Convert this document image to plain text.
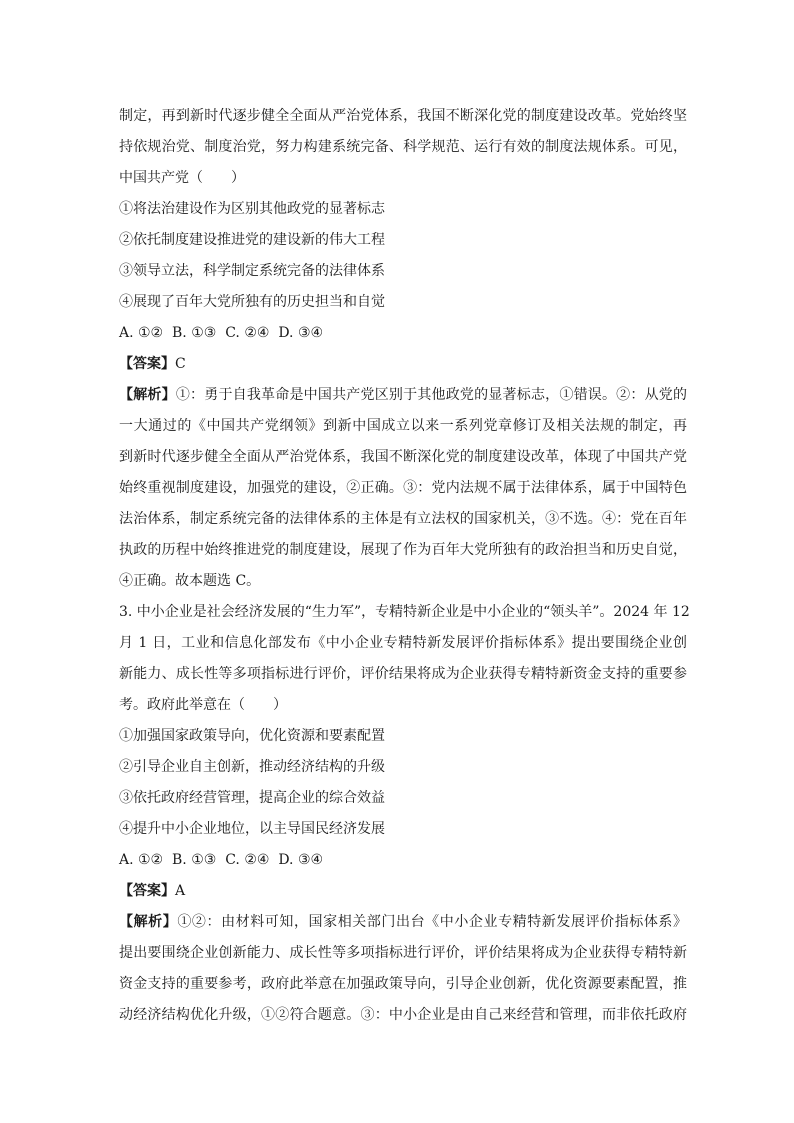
制定，再到新时代逐步健全全面从严治党体系，我国不断深化党的制度建设改革。党始终坚
持依规治党、制度治党，努力构建系统完备、科学规范、运行有效的制度法规体系。可见，
中国共产党（　　）
①将法治建设作为区别其他政党的显著标志
②依托制度建设推进党的建设新的伟大工程
③领导立法，科学制定系统完备的法律体系
④展现了百年大党所独有的历史担当和自觉
A. ①②  B. ①③  C. ②④  D. ③④
【答案】C
【解析】①：勇于自我革命是中国共产党区别于其他政党的显著标志，①错误。②：从党的
一大通过的《中国共产党纲领》到新中国成立以来一系列党章修订及相关法规的制定，再
到新时代逐步健全全面从严治党体系，我国不断深化党的制度建设改革，体现了中国共产党
始终重视制度建设，加强党的建设，②正确。③：党内法规不属于法律体系，属于中国特色
法治体系，制定系统完备的法律体系的主体是有立法权的国家机关，③不选。④：党在百年
执政的历程中始终推进党的制度建设，展现了作为百年大党所独有的政治担当和历史自觉，
④正确。故本题选 C。
3. 中小企业是社会经济发展的“生力军”，专精特新企业是中小企业的“领头羊”。2024 年 12
月 1 日，工业和信息化部发布《中小企业专精特新发展评价指标体系》提出要围绕企业创
新能力、成长性等多项指标进行评价，评价结果将成为企业获得专精特新资金支持的重要参
考。政府此举意在（　　）
①加强国家政策导向，优化资源和要素配置
②引导企业自主创新，推动经济结构的升级
③依托政府经营管理，提高企业的综合效益
④提升中小企业地位，以主导国民经济发展
A. ①②  B. ①③  C. ②④  D. ③④
【答案】A
【解析】①②：由材料可知，国家相关部门出台《中小企业专精特新发展评价指标体系》
提出要围绕企业创新能力、成长性等多项指标进行评价，评价结果将成为企业获得专精特新
资金支持的重要参考，政府此举意在加强政策导向，引导企业创新，优化资源要素配置，推
动经济结构优化升级，①②符合题意。③：中小企业是由自己来经营和管理，而非依托政府
